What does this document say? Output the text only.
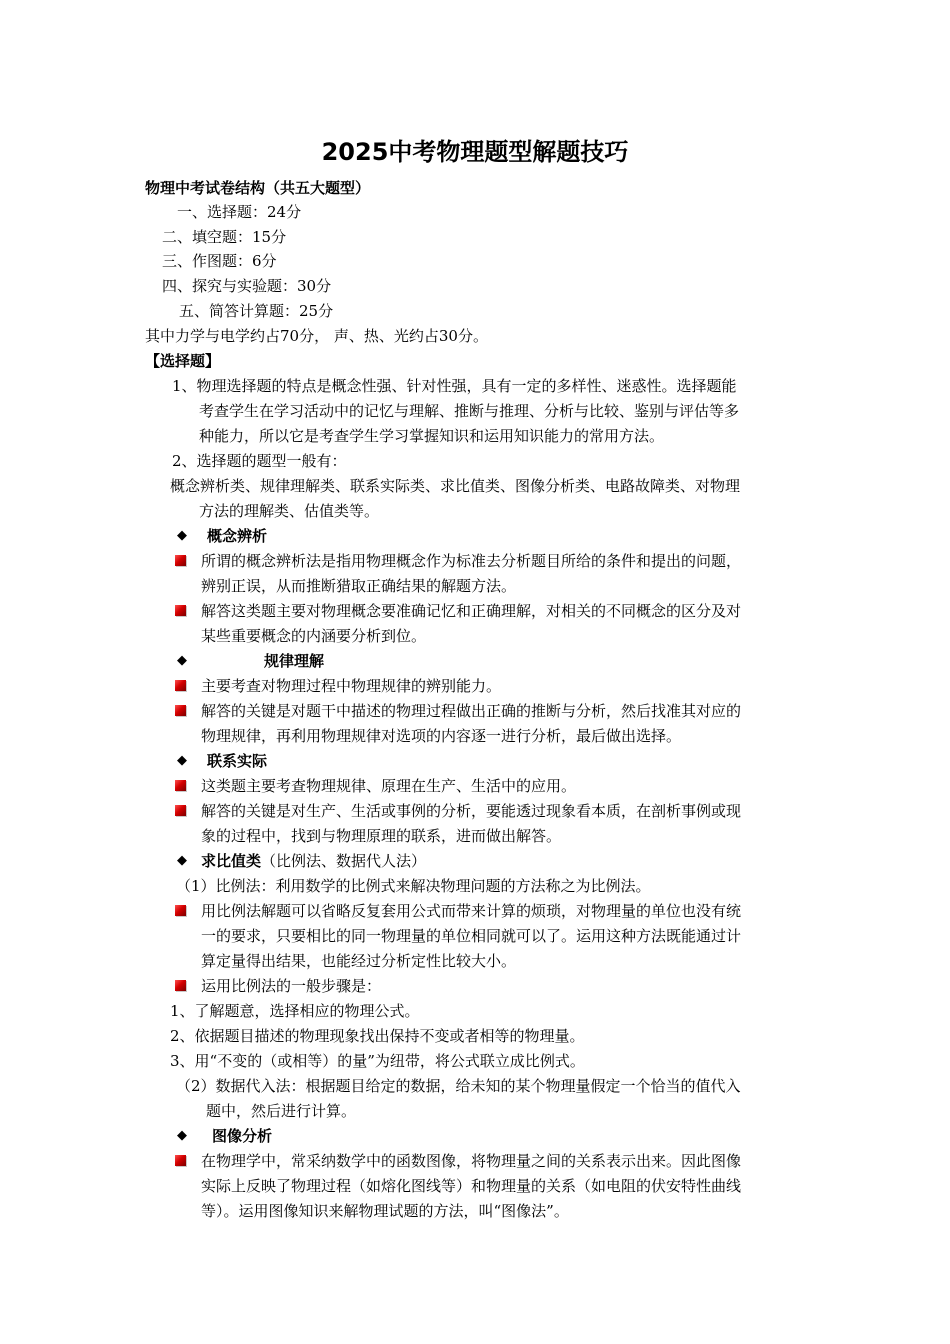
2025中考物理题型解题技巧
物理中考试卷结构（共五大题型）
一、选择题：24分
二、填空题：15分
三、作图题：6分
四、探究与实验题：30分
五、简答计算题：25分
其中力学与电学约占70分， 声、热、光约占30分。
【选择题】
1、物理选择题的特点是概念性强、针对性强，具有一定的多样性、迷惑性。选择题能
考查学生在学习活动中的记忆与理解、推断与推理、分析与比较、鉴别与评估等多
种能力，所以它是考查学生学习掌握知识和运用知识能力的常用方法。
2、选择题的题型一般有：
概念辨析类、规律理解类、联系实际类、求比值类、图像分析类、电路故障类、对物理
方法的理解类、估值类等。
◆ 概念辨析
所谓的概念辨析法是指用物理概念作为标准去分析题目所给的条件和提出的问题，
辨别正误，从而推断猎取正确结果的解题方法。
解答这类题主要对物理概念要准确记忆和正确理解，对相关的不同概念的区分及对
某些重要概念的内涵要分析到位。
◆	规律理解
主要考查对物理过程中物理规律的辨别能力。
解答的关键是对题干中描述的物理过程做出正确的推断与分析，然后找准其对应的
物理规律，再利用物理规律对选项的内容逐一进行分析，最后做出选择。
◆ 联系实际
这类题主要考查物理规律、原理在生产、生活中的应用。
解答的关键是对生产、生活或事例的分析，要能透过现象看本质，在剖析事例或现
象的过程中，找到与物理原理的联系，进而做出解答。
◆ 求比值类（比例法、数据代人法）
（1）比例法：利用数学的比例式来解决物理问题的方法称之为比例法。
用比例法解题可以省略反复套用公式而带来计算的烦琐，对物理量的单位也没有统
一的要求，只要相比的同一物理量的单位相同就可以了。运用这种方法既能通过计
算定量得出结果，也能经过分析定性比较大小。
运用比例法的一般步骤是：
1、了解题意，选择相应的物理公式。
2、依据题目描述的物理现象找出保持不变或者相等的物理量。
3、用“不变的（或相等）的量”为纽带，将公式联立成比例式。
（2）数据代入法：根据题目给定的数据，给未知的某个物理量假定一个恰当的值代入
题中，然后进行计算。
◆ 图像分析
在物理学中，常采纳数学中的函数图像，将物理量之间的关系表示出来。因此图像
实际上反映了物理过程（如熔化图线等）和物理量的关系（如电阻的伏安特性曲线
等）。运用图像知识来解物理试题的方法，叫“图像法”。
